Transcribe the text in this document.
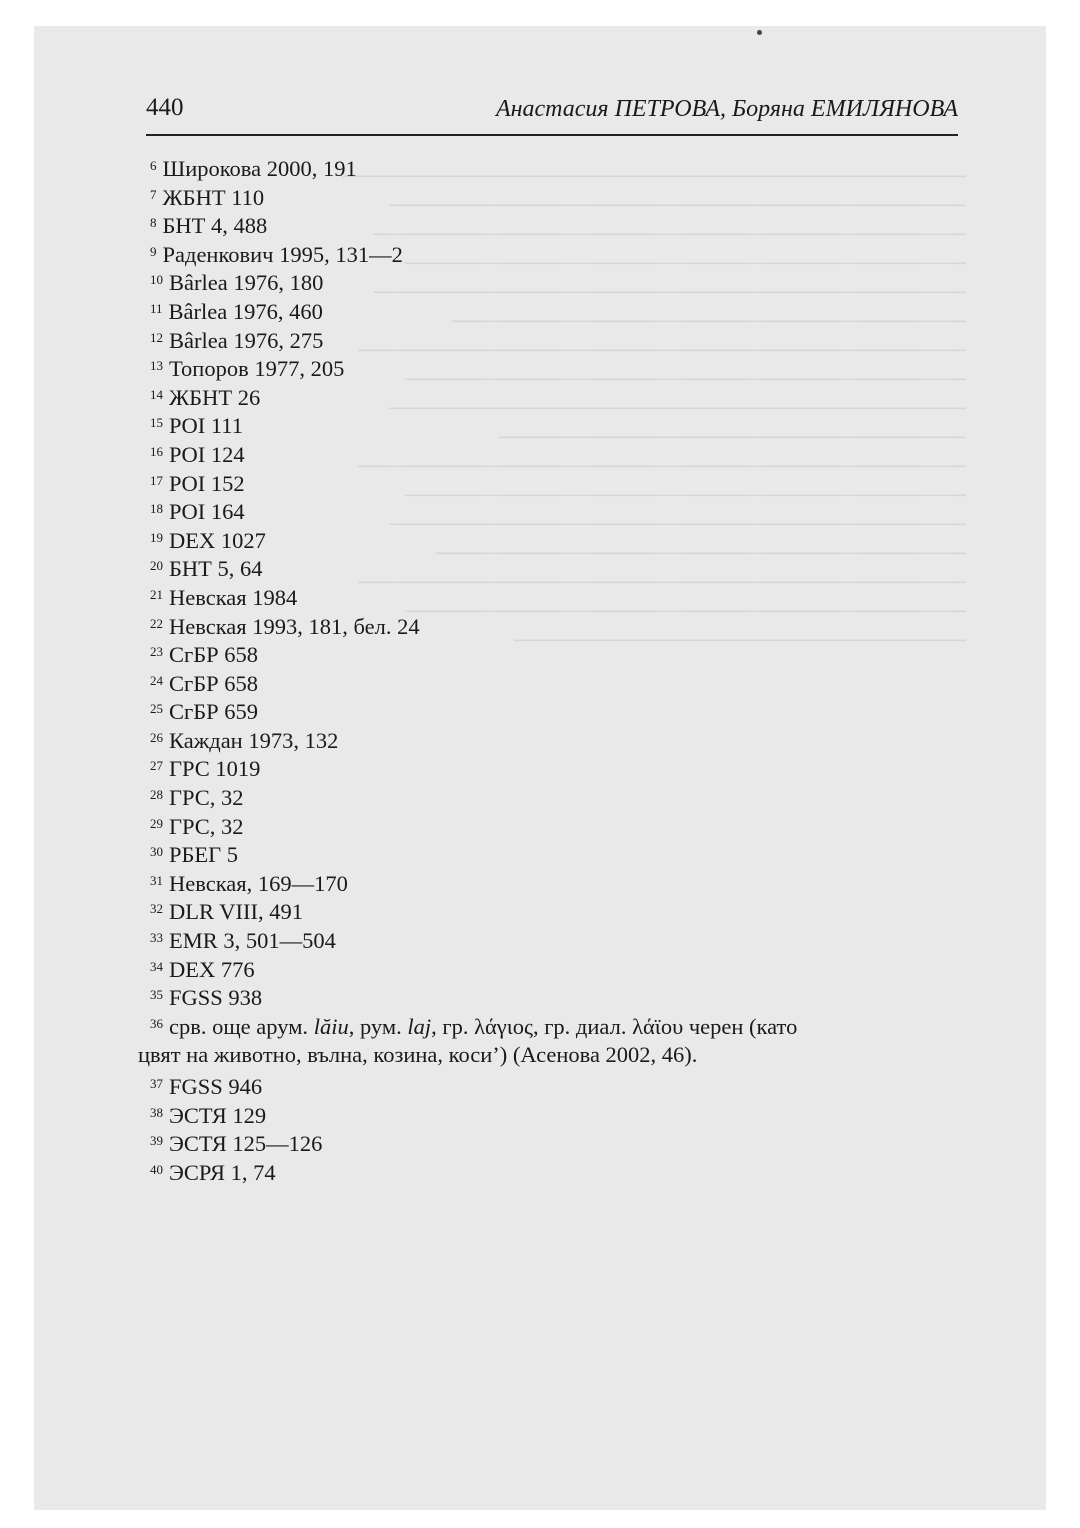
────────────────────────────────────────
─────────────────────────────────────
──────────────────────────────────────
────────────────────────────────────
──────────────────────────────────────
─────────────────────────────────
───────────────────────────────────────
────────────────────────────────────
─────────────────────────────────────
──────────────────────────────
───────────────────────────────────────
────────────────────────────────────
─────────────────────────────────────
──────────────────────────────────
───────────────────────────────────────
────────────────────────────────────
─────────────────────────────
440	Анастасия ПЕТРОВА, Боряна ЕМИЛЯНОВА
$^6$ Широкова 2000, 191
$^7$ ЖБНТ 110
$^8$ БНТ 4, 488
$^9$ Раденкович 1995, 131—2
$^{10}$ Bârlea 1976, 180
$^{11}$ Bârlea 1976, 460
$^{12}$ Bârlea 1976, 275
$^{13}$ Топоров 1977, 205
$^{14}$ ЖБНТ 26
$^{15}$ POI 111
$^{16}$ POI 124
$^{17}$ POI 152
$^{18}$ POI 164
$^{19}$ DEX 1027
$^{20}$ БНТ 5, 64
$^{21}$ Невская 1984
$^{22}$ Невская 1993, 181, бел. 24
$^{23}$ СгБР 658
$^{24}$ СгБР 658
$^{25}$ СгБР 659
$^{26}$ Каждан 1973, 132
$^{27}$ ГРС 1019
$^{28}$ ГРС, 32
$^{29}$ ГРС, 32
$^{30}$ РБЕГ 5
$^{31}$ Невская, 169—170
$^{32}$ DLR VIII, 491
$^{33}$ EMR 3, 501—504
$^{34}$ DEX 776
$^{35}$ FGSS 938
$^{36}$ срв. още арум. lăiu, рум. laj, гр. λάγιος, гр. диал. λάϊου черен (като
цвят на животно, вълна, козина, коси’) (Асенова 2002, 46).
$^{37}$ FGSS 946
$^{38}$ ЭСТЯ 129
$^{39}$ ЭСТЯ 125—126
$^{40}$ ЭСРЯ 1, 74
